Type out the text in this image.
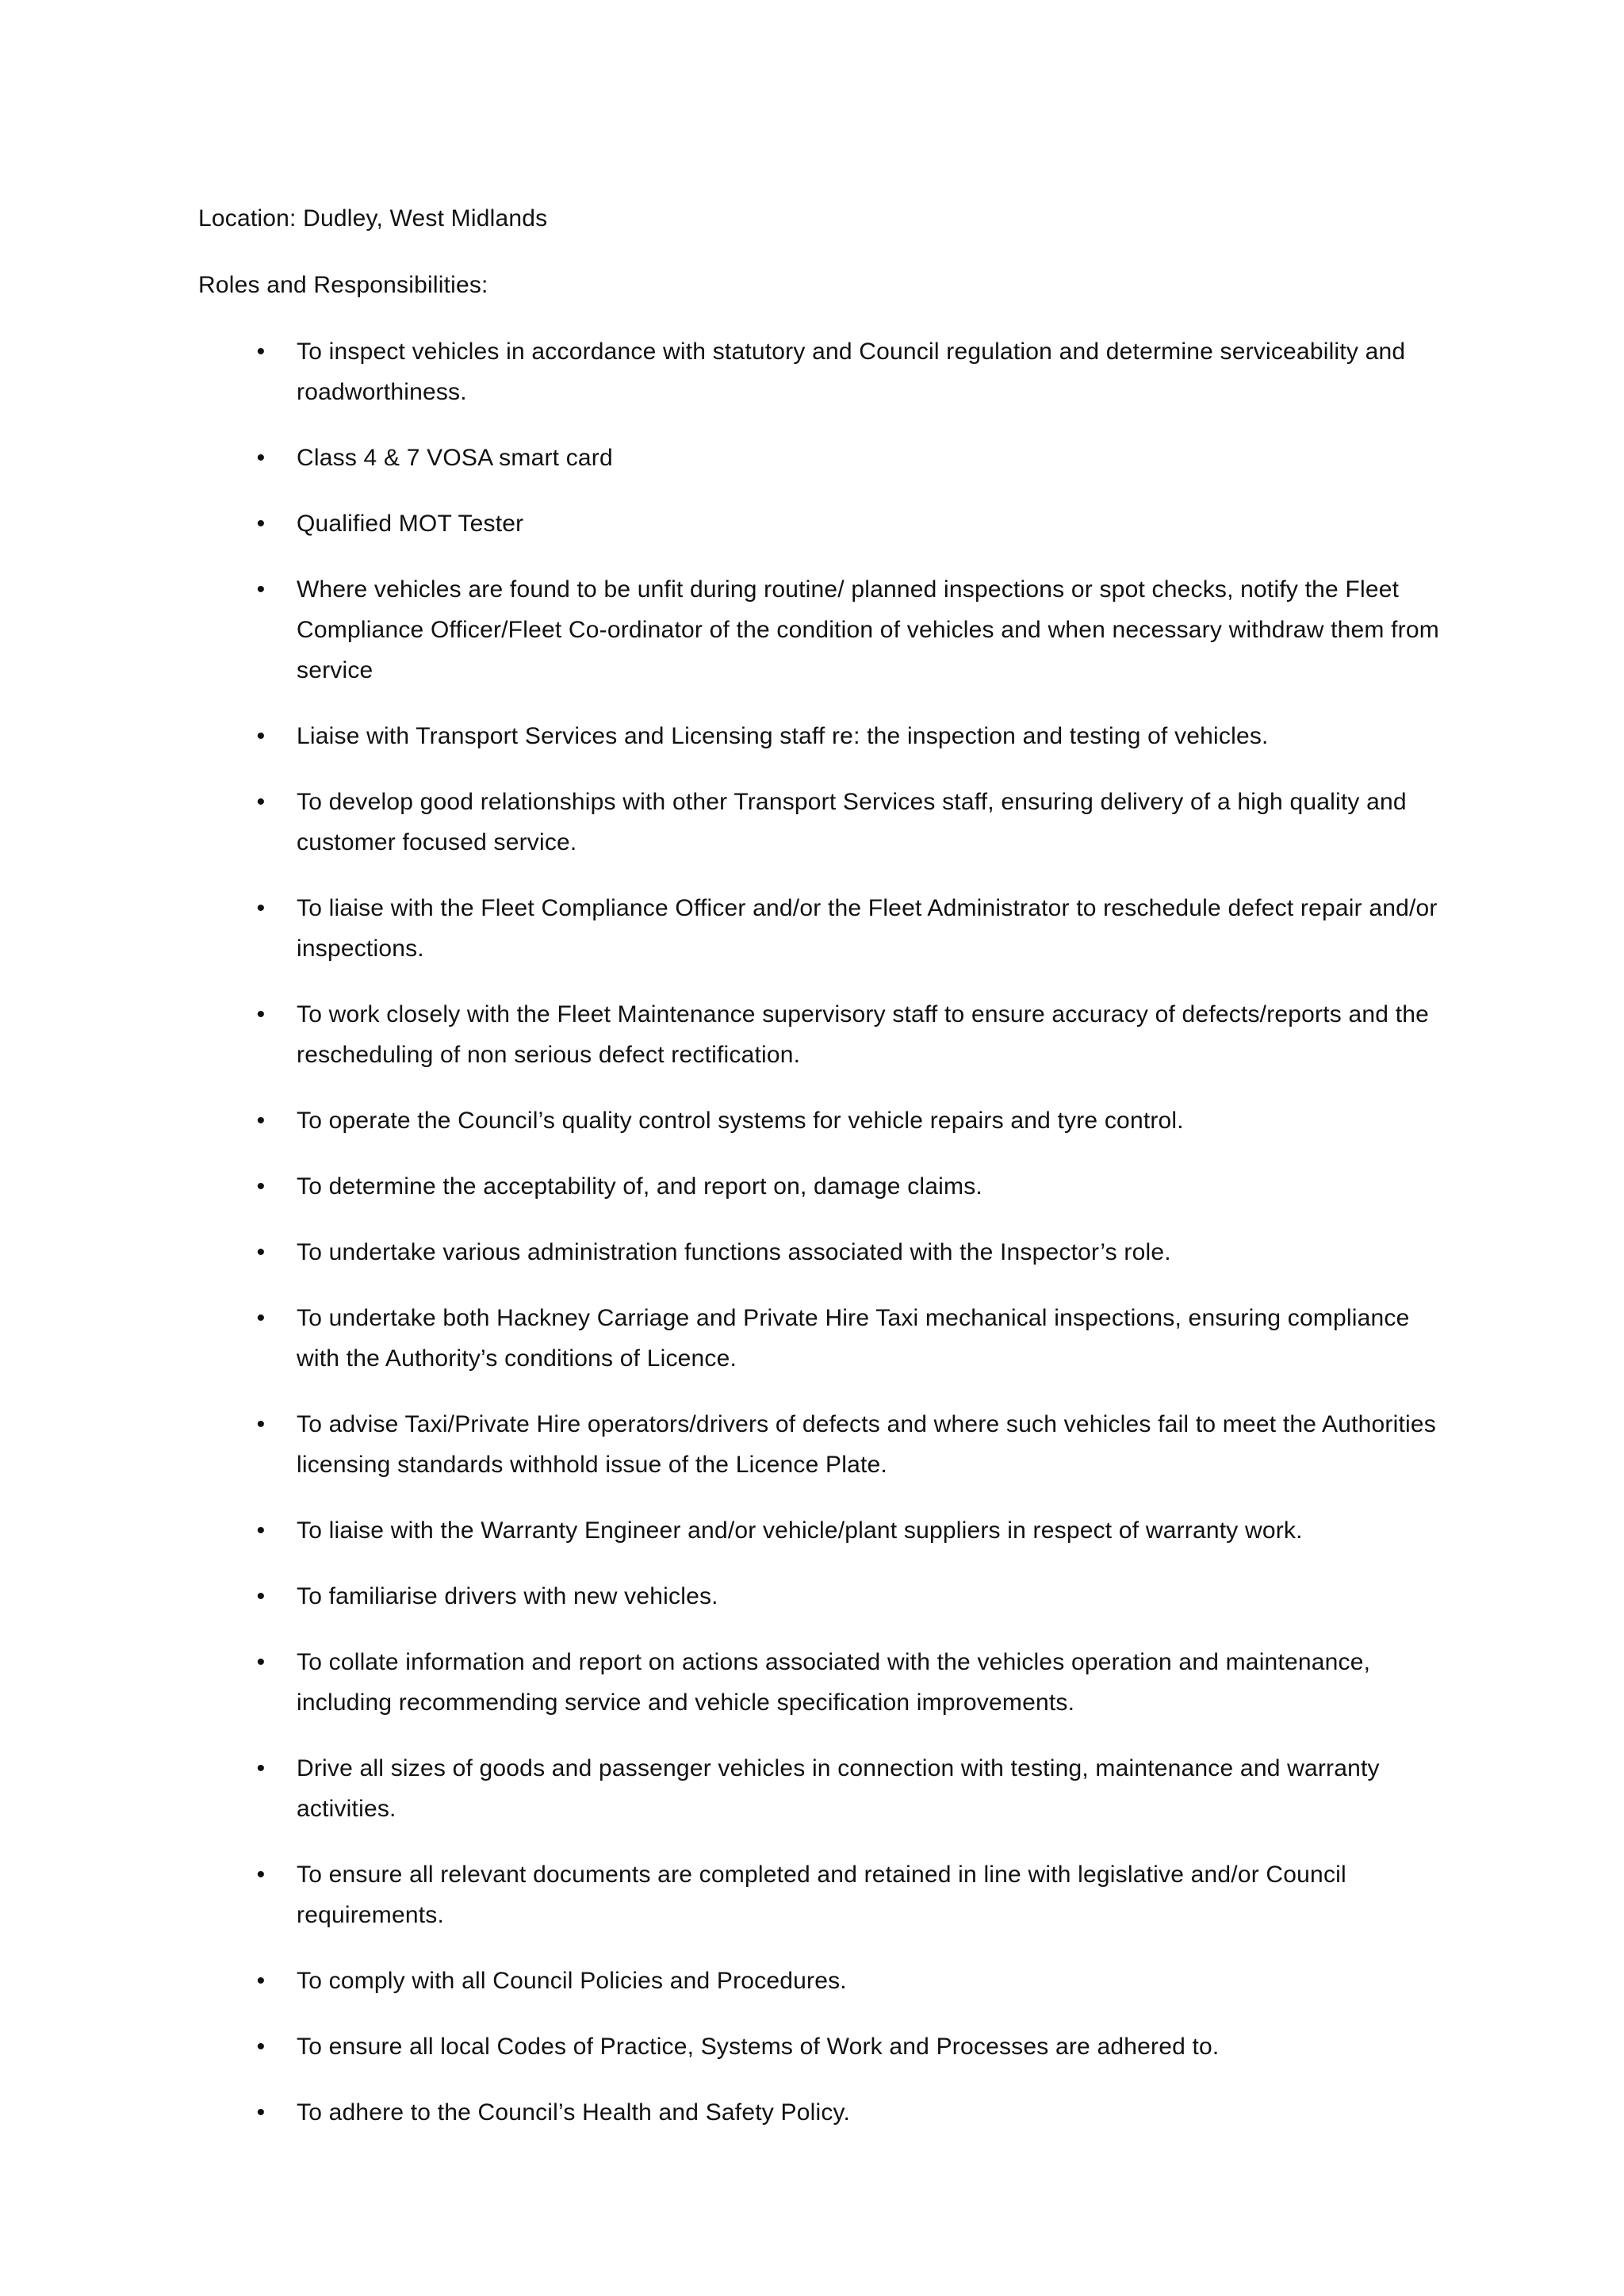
Location: Dudley, West Midlands

Roles and Responsibilities:

•	To inspect vehicles in accordance with statutory and Council regulation and determine serviceability and roadworthiness.
•	Class 4 & 7 VOSA smart card
•	Qualified MOT Tester
•	Where vehicles are found to be unfit during routine/ planned inspections or spot checks, notify the Fleet Compliance Officer/Fleet Co-ordinator of the condition of vehicles and when necessary withdraw them from service
•	Liaise with Transport Services and Licensing staff re: the inspection and testing of vehicles.
•	To develop good relationships with other Transport Services staff, ensuring delivery of a high quality and customer focused service.
•	To liaise with the Fleet Compliance Officer and/or the Fleet Administrator to reschedule defect repair and/or inspections.
•	To work closely with the Fleet Maintenance supervisory staff to ensure accuracy of defects/reports and the rescheduling of non serious defect rectification.
•	To operate the Council’s quality control systems for vehicle repairs and tyre control.
•	To determine the acceptability of, and report on, damage claims.
•	To undertake various administration functions associated with the Inspector’s role.
•	To undertake both Hackney Carriage and Private Hire Taxi mechanical inspections, ensuring compliance with the Authority’s conditions of Licence.
•	To advise Taxi/Private Hire operators/drivers of defects and where such vehicles fail to meet the Authorities licensing standards withhold issue of the Licence Plate.
•	To liaise with the Warranty Engineer and/or vehicle/plant suppliers in respect of warranty work.
•	To familiarise drivers with new vehicles.
•	To collate information and report on actions associated with the vehicles operation and maintenance, including recommending service and vehicle specification improvements.
•	Drive all sizes of goods and passenger vehicles in connection with testing, maintenance and warranty activities.
•	To ensure all relevant documents are completed and retained in line with legislative and/or Council requirements.
•	To comply with all Council Policies and Procedures.
•	To ensure all local Codes of Practice, Systems of Work and Processes are adhered to.
•	To adhere to the Council’s Health and Safety Policy.
